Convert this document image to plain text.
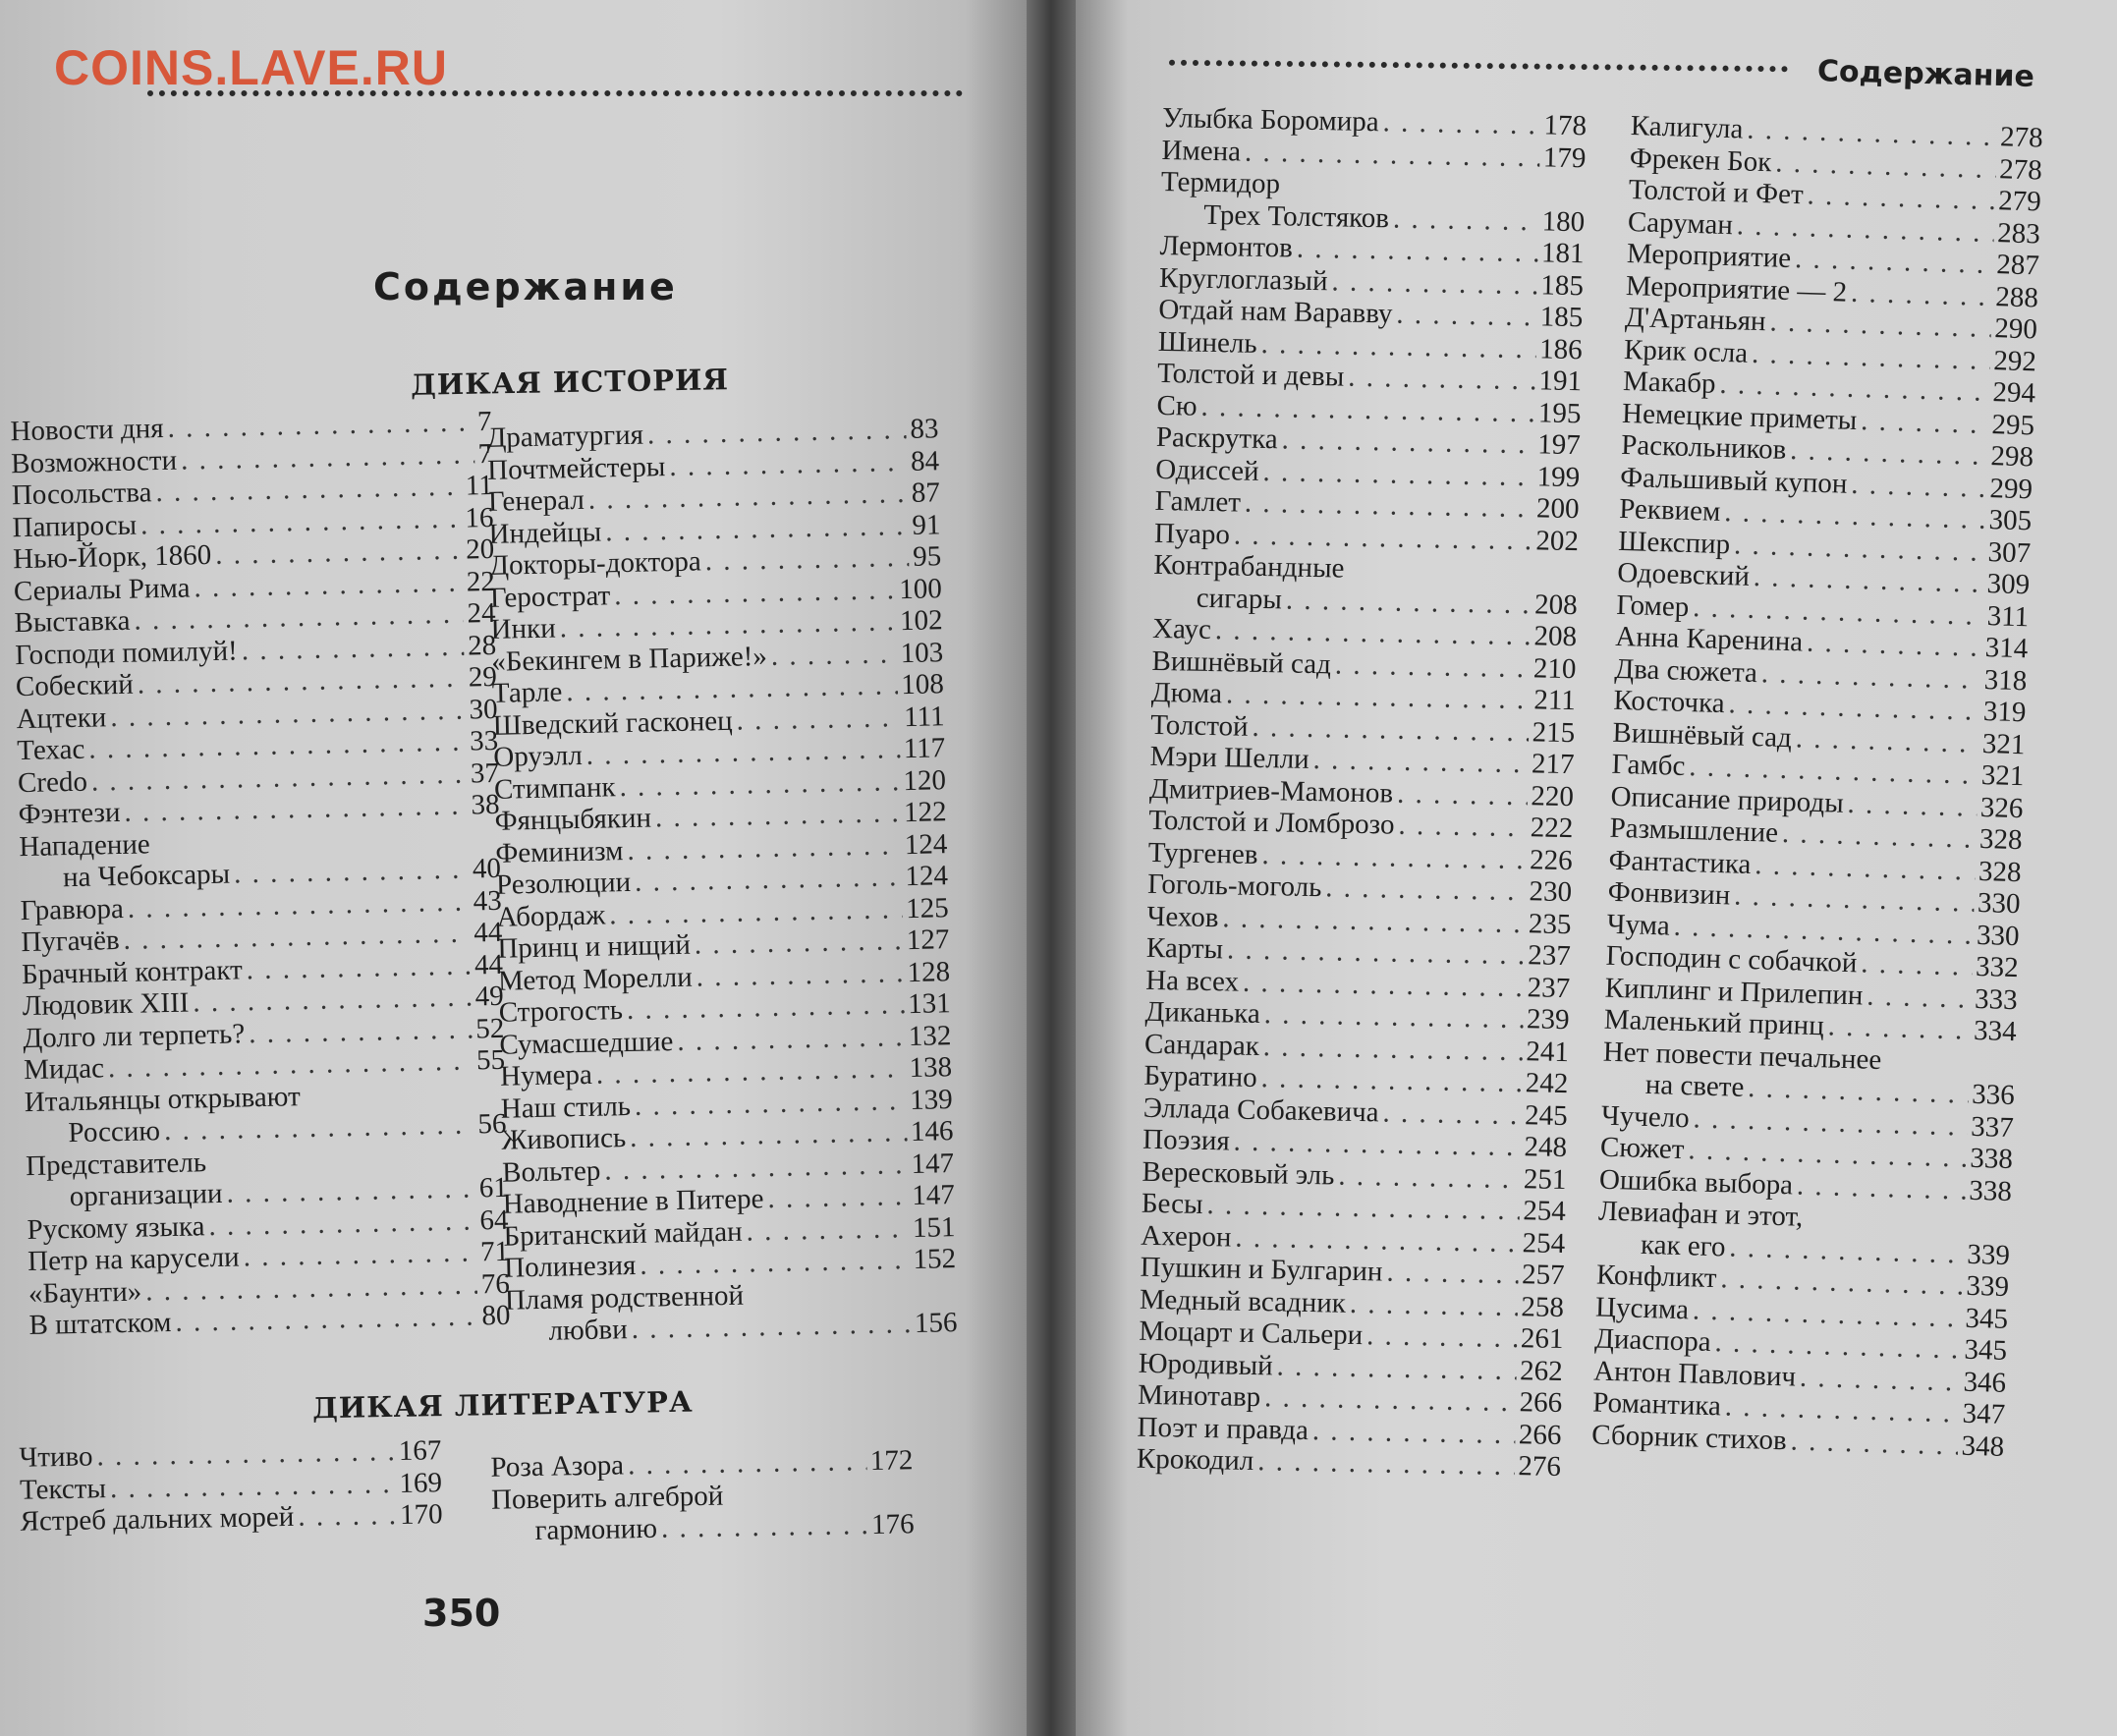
Содержание
ДИКАЯ ИСТОРИЯ
Новости дня . . .	7
Возможности . . .	7
Посольства . . .	11
Папиросы . . .	16
Нью-Йорк, 1860 . . .	20
Сериалы Рима . . .	22
Выставка . . .	24
Господи помилуй! . . .	28
Собеский . . .	29
Ацтеки . . .	30
Техас . . .	33
Credo . . .	37
Фэнтези . . .	38
Нападение
на Чебоксары . . .	40
Гравюра . . .	43
Пугачёв . . .	44
Брачный контракт . . .	44
Людовик XIII . . .	49
Долго ли терпеть? . . .	52
Мидас . . .	55
Итальянцы открывают
Россию . . .	56
Представитель
организации . . .	61
Рускому языка . . .	64
Петр на карусели . . .	71
«Баунти» . . .	76
В штатском . . .	80
Драматургия . . .	83
Почтмейстеры . . .	84
Генерал . . .	87
Индейцы . . .	91
Докторы-доктора . . .	95
Герострат . . .	100
Инки . . .	102
«Бекингем в Париже!» . . .	103
Тарле . . .	108
Шведский гасконец . . .	111
Оруэлл . . .	117
Стимпанк . . .	120
Фянцыбякин . . .	122
Феминизм . . .	124
Резолюции . . .	124
Абордаж . . .	125
Принц и нищий . . .	127
Метод Морелли . . .	128
Строгость . . .	131
Сумасшедшие . . .	132
Нумера . . .	138
Наш стиль . . .	139
Живопись . . .	146
Вольтер . . .	147
Наводнение в Питере . . .	147
Британский майдан . . .	151
Полинезия . . .	152
Пламя родственной
любви . . .	156
ДИКАЯ ЛИТЕРАТУРА
Чтиво . . .	167
Тексты . . .	169
Ястреб дальних морей . . .	170
Роза Азора . . .	172
Поверить алгеброй
гармонию . . .	176
350
Содержание
Улыбка Боромира . . .	178
Имена . . .	179
Термидор
Трех Толстяков . . .	180
Лермонтов . . .	181
Круглоглазый . . .	185
Отдай нам Варавву . . .	185
Шинель . . .	186
Толстой и девы . . .	191
Сю . . .	195
Раскрутка . . .	197
Одиссей . . .	199
Гамлет . . .	200
Пуаро . . .	202
Контрабандные
сигары . . .	208
Хаус . . .	208
Вишнёвый сад . . .	210
Дюма . . .	211
Толстой . . .	215
Мэри Шелли . . .	217
Дмитриев-Мамонов . . .	220
Толстой и Ломброзо . . .	222
Тургенев . . .	226
Гоголь-моголь . . .	230
Чехов . . .	235
Карты . . .	237
На всех . . .	237
Диканька . . .	239
Сандарак . . .	241
Буратино . . .	242
Эллада Собакевича . . .	245
Поэзия . . .	248
Вересковый эль . . .	251
Бесы . . .	254
Ахерон . . .	254
Пушкин и Булгарин . . .	257
Медный всадник . . .	258
Моцарт и Сальери . . .	261
Юродивый . . .	262
Минотавр . . .	266
Поэт и правда . . .	266
Крокодил . . .	276
Калигула . . .	278
Фрекен Бок . . .	278
Толстой и Фет . . .	279
Саруман . . .	283
Мероприятие . . .	287
Мероприятие — 2 . . .	288
Д'Артаньян . . .	290
Крик осла . . .	292
Макабр . . .	294
Немецкие приметы . . .	295
Раскольников . . .	298
Фальшивый купон . . .	299
Реквием . . .	305
Шекспир . . .	307
Одоевский . . .	309
Гомер . . .	311
Анна Каренина . . .	314
Два сюжета . . .	318
Косточка . . .	319
Вишнёвый сад . . .	321
Гамбс . . .	321
Описание природы . . .	326
Размышление . . .	328
Фантастика . . .	328
Фонвизин . . .	330
Чума . . .	330
Господин с собачкой . . .	332
Киплинг и Прилепин . . .	333
Маленький принц . . .	334
Нет повести печальнее
на свете . . .	336
Чучело . . .	337
Сюжет . . .	338
Ошибка выбора . . .	338
Левиафан и этот,
как его . . .	339
Конфликт . . .	339
Цусима . . .	345
Диаспора . . .	345
Антон Павлович . . .	346
Романтика . . .	347
Сборник стихов . . .	348
COINS.LAVE.RU
